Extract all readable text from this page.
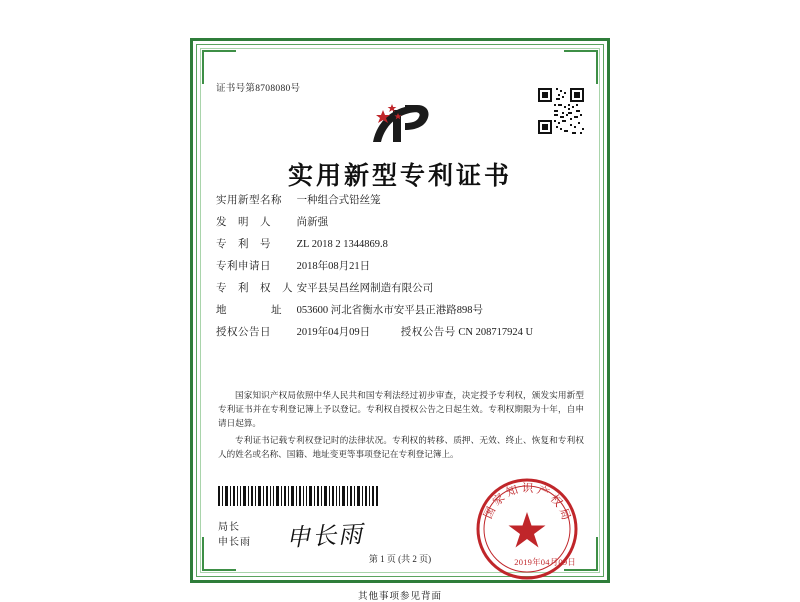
证书号第8708080号
实用新型专利证书
实用新型名称 一种组合式铅丝笼
发　明　人 尚新强
专　利　号 ZL 2018 2 1344869.8
专利申请日 2018年08月21日
专　利　权　人 安平县吴昌丝网制造有限公司
地　　　　址 053600 河北省衡水市安平县正港路898号
授权公告日 2019年04月09日	授权公告号 CN 208717924 U

国家知识产权局依照中华人民共和国专利法经过初步审查，决定授予专利权，颁发实用新型专利证书并在专利登记簿上予以登记。专利权自授权公告之日起生效。专利权期限为十年，自申请日起算。

专利证书记载专利权登记时的法律状况。专利权的转移、质押、无效、终止、恢复和专利权人的姓名或名称、国籍、地址变更等事项登记在专利登记簿上。

局长
申长雨 申长雨
国家知识产权局
2019年04月09日
第 1 页 (共 2 页)
其他事项参见背面
